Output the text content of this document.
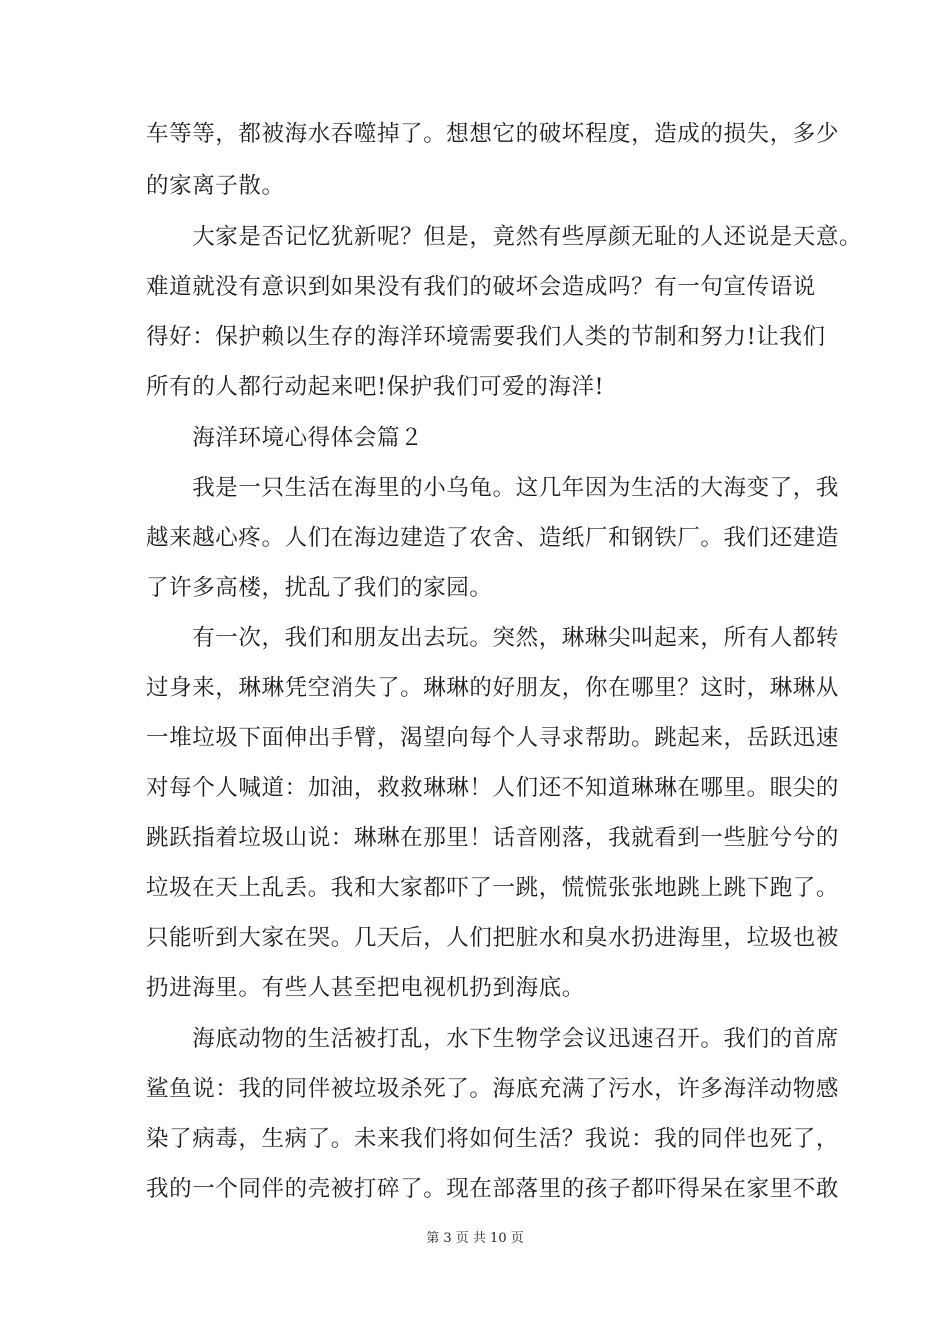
车等等，都被海水吞噬掉了。想想它的破坏程度，造成的损失，多少
的家离子散。
　　大家是否记忆犹新呢？但是，竟然有些厚颜无耻的人还说是天意。
难道就没有意识到如果没有我们的破坏会造成吗？有一句宣传语说
得好：保护赖以生存的海洋环境需要我们人类的节制和努力!让我们
所有的人都行动起来吧!保护我们可爱的海洋!
　　海洋环境心得体会篇２
　　我是一只生活在海里的小乌龟。这几年因为生活的大海变了，我
越来越心疼。人们在海边建造了农舍、造纸厂和钢铁厂。我们还建造
了许多高楼，扰乱了我们的家园。
　　有一次，我们和朋友出去玩。突然，琳琳尖叫起来，所有人都转
过身来，琳琳凭空消失了。琳琳的好朋友，你在哪里？这时，琳琳从
一堆垃圾下面伸出手臂，渴望向每个人寻求帮助。跳起来，岳跃迅速
对每个人喊道：加油，救救琳琳！人们还不知道琳琳在哪里。眼尖的
跳跃指着垃圾山说：琳琳在那里！话音刚落，我就看到一些脏兮兮的
垃圾在天上乱丢。我和大家都吓了一跳，慌慌张张地跳上跳下跑了。
只能听到大家在哭。几天后，人们把脏水和臭水扔进海里，垃圾也被
扔进海里。有些人甚至把电视机扔到海底。
　　海底动物的生活被打乱，水下生物学会议迅速召开。我们的首席
鲨鱼说：我的同伴被垃圾杀死了。海底充满了污水，许多海洋动物感
染了病毒，生病了。未来我们将如何生活？我说：我的同伴也死了，
我的一个同伴的壳被打碎了。现在部落里的孩子都吓得呆在家里不敢
第 3 页 共 10 页
